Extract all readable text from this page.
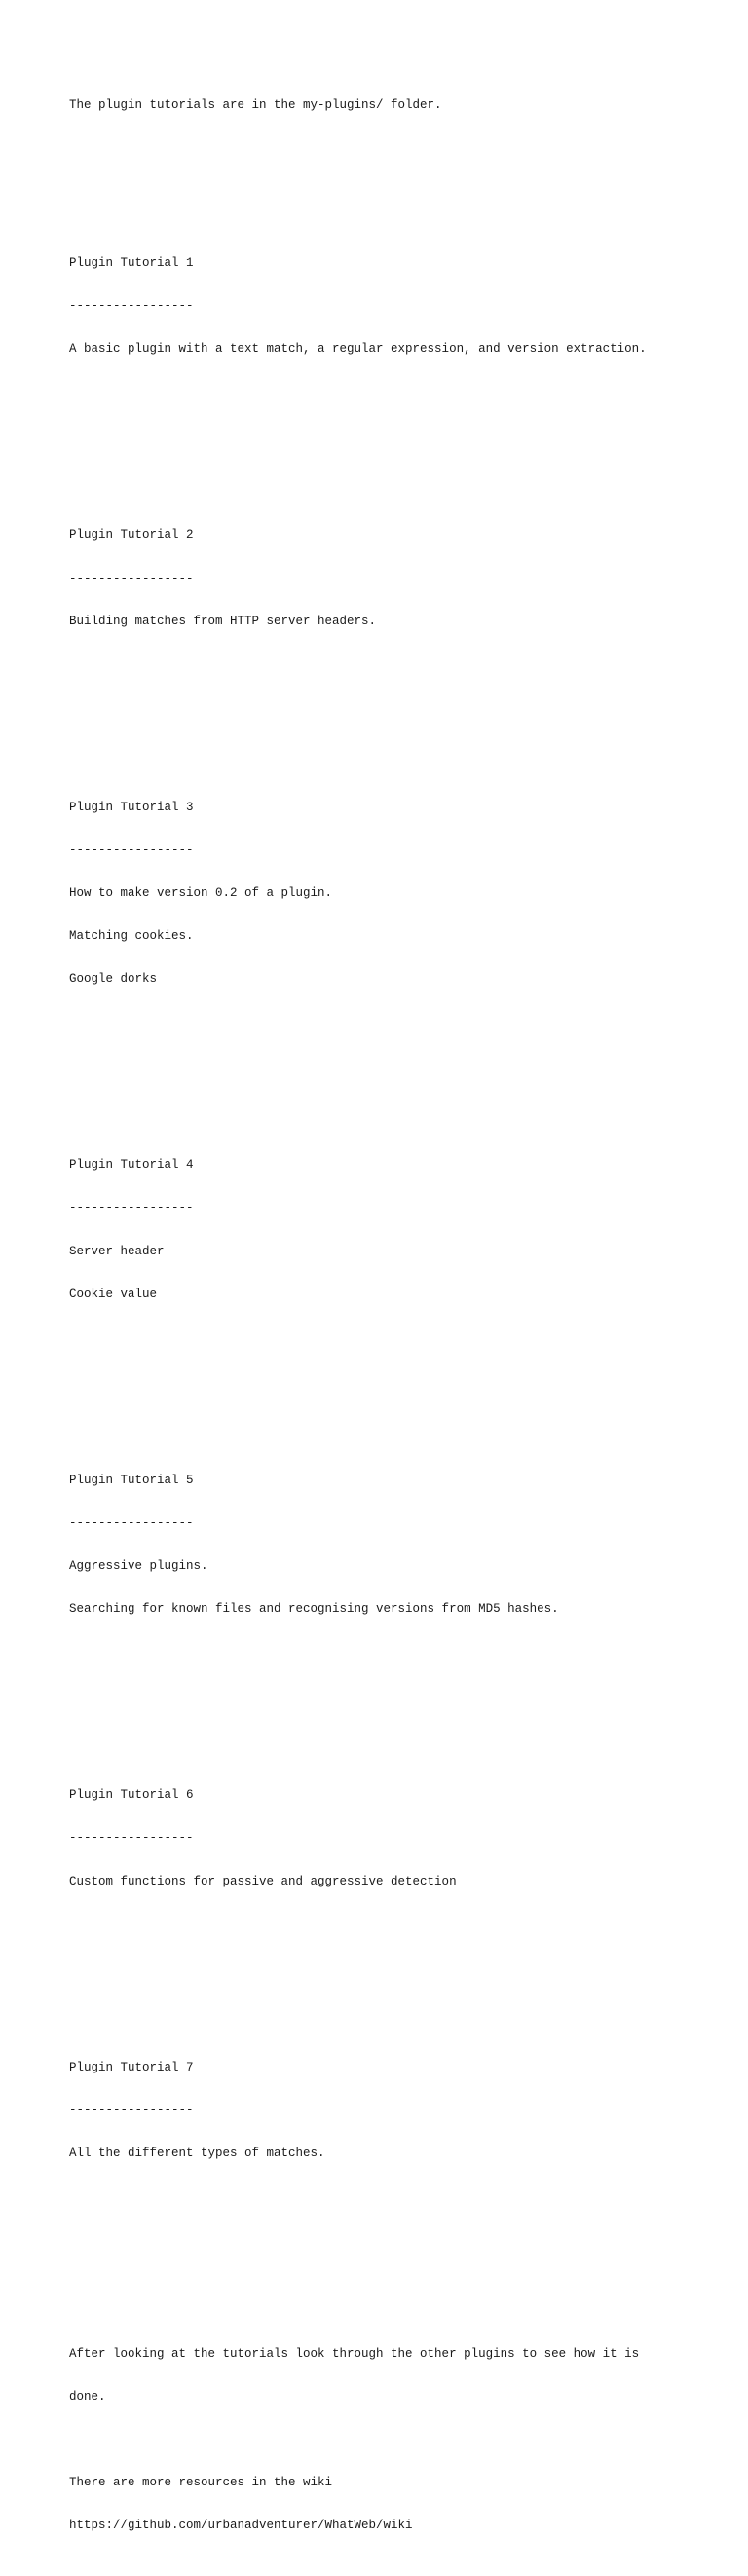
The plugin tutorials are in the my-plugins/ folder.

Plugin Tutorial 1

-----------------

A basic plugin with a text match, a regular expression, and version extraction.

Plugin Tutorial 2

-----------------

Building matches from HTTP server headers.

Plugin Tutorial 3

-----------------

How to make version 0.2 of a plugin.

Matching cookies.

Google dorks

Plugin Tutorial 4

-----------------

Server header

Cookie value

Plugin Tutorial 5

-----------------

Aggressive plugins.

Searching for known files and recognising versions from MD5 hashes.

Plugin Tutorial 6

-----------------

Custom functions for passive and aggressive detection

Plugin Tutorial 7

-----------------

All the different types of matches.

After looking at the tutorials look through the other plugins to see how it is

done.

There are more resources in the wiki

https://github.com/urbanadventurer/WhatWeb/wiki
